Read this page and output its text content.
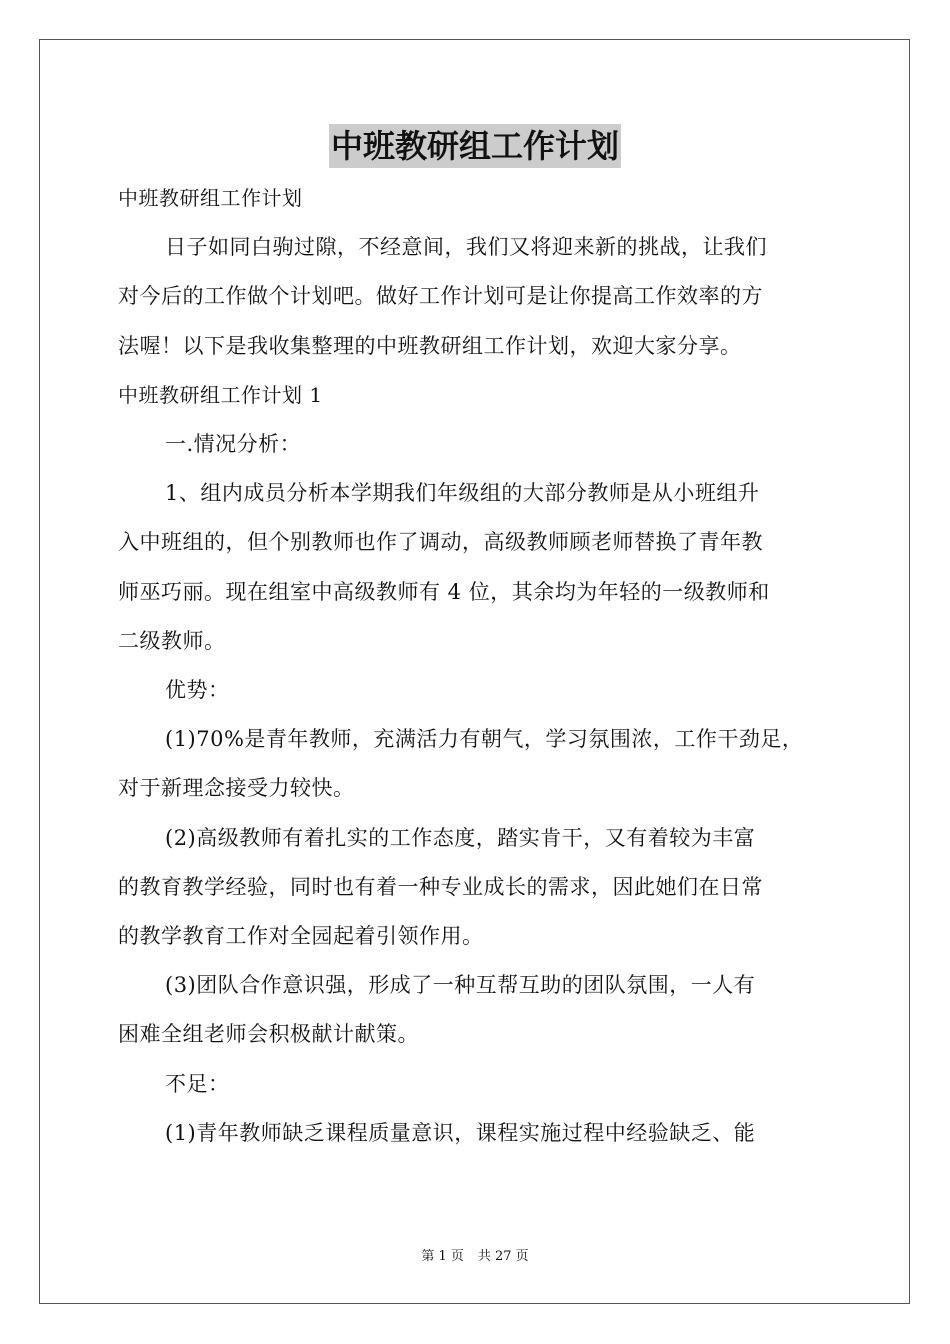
中班教研组工作计划
中班教研组工作计划
日子如同白驹过隙，不经意间，我们又将迎来新的挑战，让我们
对今后的工作做个计划吧。做好工作计划可是让你提高工作效率的方
法喔！以下是我收集整理的中班教研组工作计划，欢迎大家分享。
中班教研组工作计划 1
一.情况分析：
1、组内成员分析本学期我们年级组的大部分教师是从小班组升
入中班组的，但个别教师也作了调动，高级教师顾老师替换了青年教
师巫巧丽。现在组室中高级教师有 4 位，其余均为年轻的一级教师和
二级教师。
优势：
(1)70%是青年教师，充满活力有朝气，学习氛围浓，工作干劲足，
对于新理念接受力较快。
(2)高级教师有着扎实的工作态度，踏实肯干，又有着较为丰富
的教育教学经验，同时也有着一种专业成长的需求，因此她们在日常
的教学教育工作对全园起着引领作用。
(3)团队合作意识强，形成了一种互帮互助的团队氛围，一人有
困难全组老师会积极献计献策。
不足：
(1)青年教师缺乏课程质量意识，课程实施过程中经验缺乏、能
第 1 页 共 27 页
